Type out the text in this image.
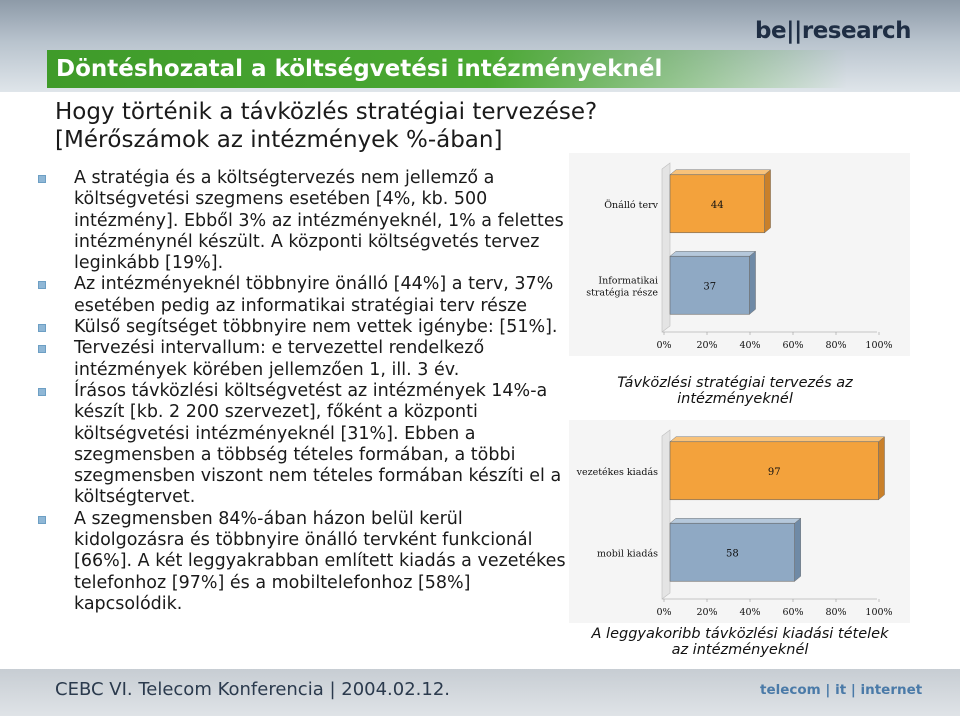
Döntéshozatal a költségvetési intézményeknél
be||research
Hogy történik a távközlés stratégiai tervezése?
[Mérőszámok az intézmények %-ában]
A stratégia és a költségtervezés nem jellemző a költségvetési szegmens esetében [4%, kb. 500 intézmény]. Ebből 3% az intézményeknél, 1% a felettes intézménynél készült. A központi költségvetés tervez leginkább [19%].
Az intézményeknél többnyire önálló [44%] a terv, 37% esetében pedig az informatikai stratégiai terv része
Külső segítséget többnyire nem vettek igénybe: [51%].
Tervezési intervallum: e tervezettel rendelkező intézmények körében jellemzően 1, ill. 3 év.
Írásos távközlési költségvetést az intézmények 14%-a készít [kb. 2 200 szervezet], főként a központi költségvetési intézményeknél [31%]. Ebben a szegmensben a többség tételes formában, a többi szegmensben viszont nem tételes formában készíti el a költségtervet.
A szegmensben 84%-ában házon belül kerül kidolgozásra és többnyire önálló tervként funkcionál [66%]. A két leggyakrabban említett kiadás a vezetékes telefonhoz [97%] és a mobiltelefonhoz [58%] kapcsolódik.
44
Önálló terv
37
Informatikai
stratégia része
0%	20% 40% 60% 80% 100%
Távközlési stratégiai tervezés az intézményeknél
97
vezetékes kiadás
58
mobil kiadás
0%	20% 40% 60% 80% 100%
A leggyakoribb távközlési kiadási tételek az intézményeknél
CEBC VI. Telecom Konferencia | 2004.02.12.	telecom | it | internet
